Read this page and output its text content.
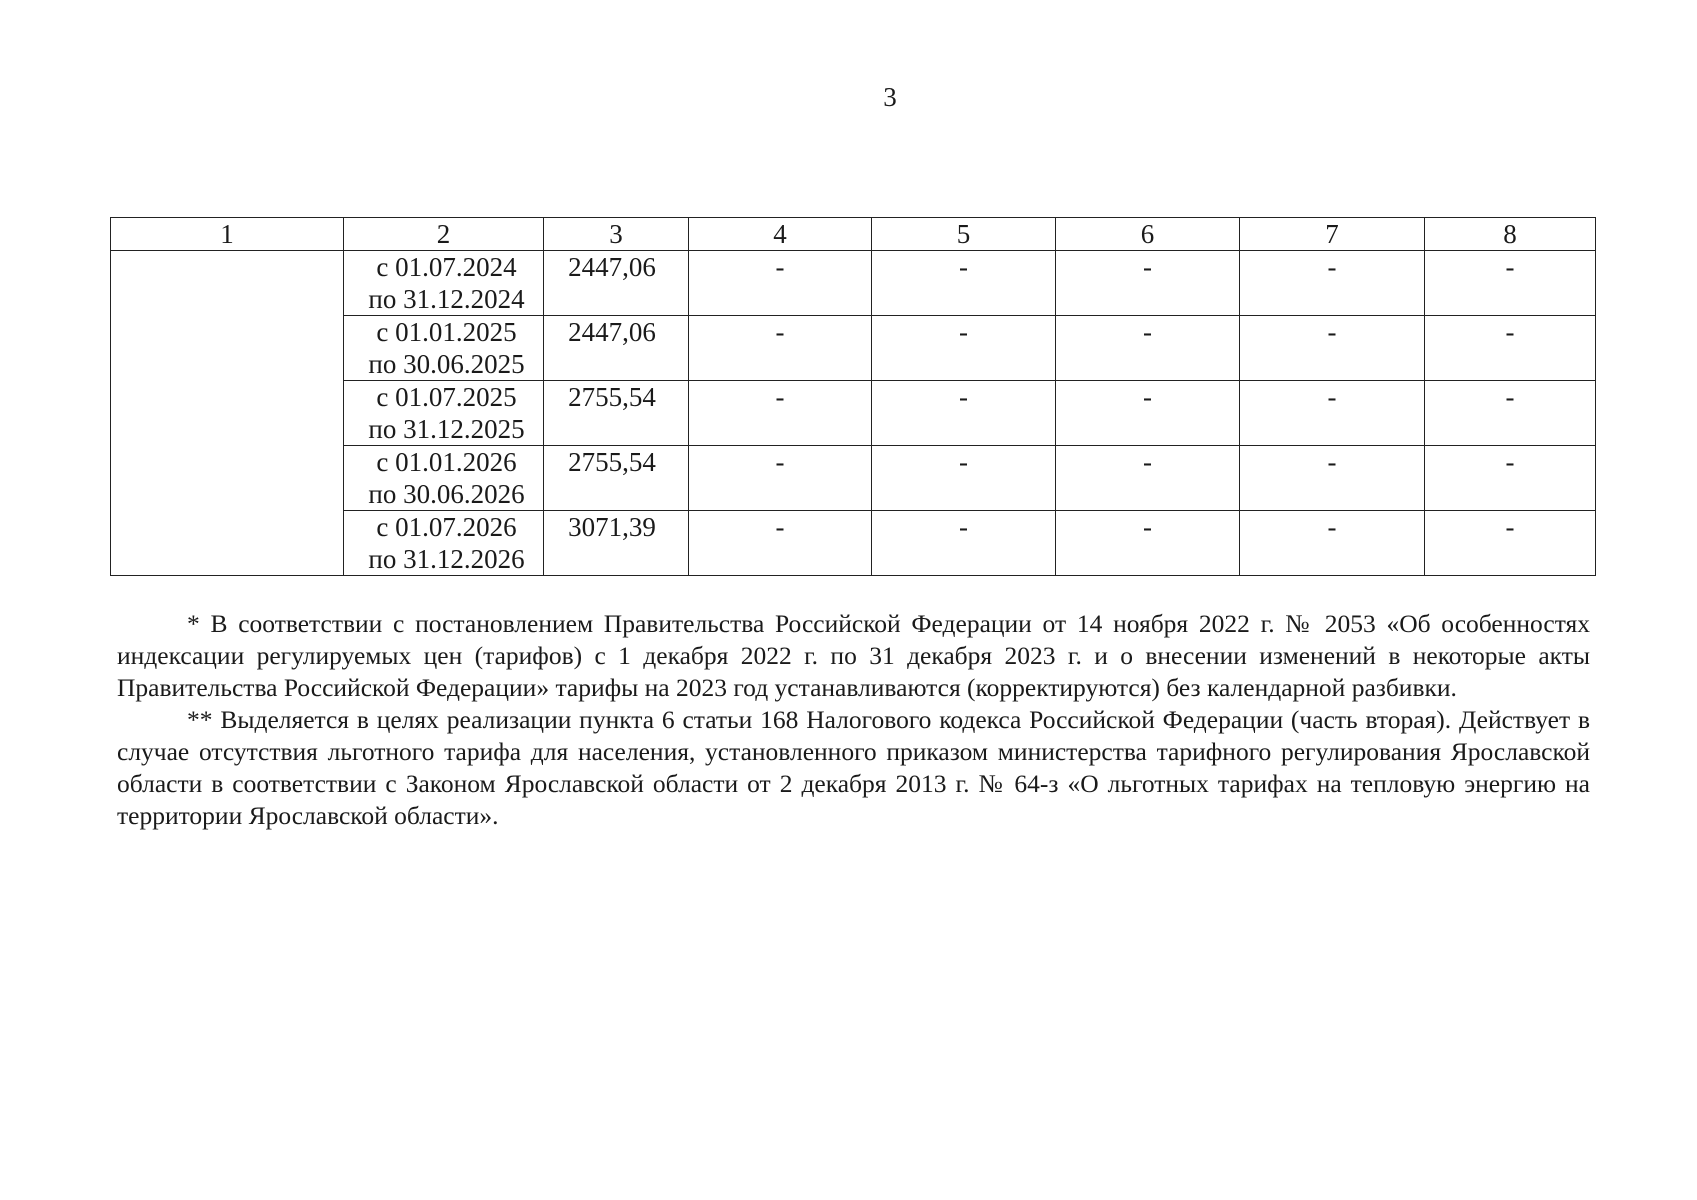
3
1	2	3	4	5	6	7	8

	с 01.07.2024
по 31.12.2024	2447,06	-	-	-	-	-

	с 01.01.2025
по 30.06.2025	2447,06	-	-	-	-	-

	с 01.07.2025
по 31.12.2025	2755,54	-	-	-	-	-

	с 01.01.2026
по 30.06.2026	2755,54	-	-	-	-	-

	с 01.07.2026
по 31.12.2026	3071,39	-	-	-	-	-

* В соответствии с постановлением Правительства Российской Федерации от 14 ноября 2022 г. № 2053 «Об особенностях индексации регулируемых цен (тарифов) с 1 декабря 2022 г. по 31 декабря 2023 г. и о внесении изменений в некоторые акты Правительства Российской Федерации» тарифы на 2023 год устанавливаются (корректируются) без календарной разбивки.

** Выделяется в целях реализации пункта 6 статьи 168 Налогового кодекса Российской Федерации (часть вторая). Действует в случае отсутствия льготного тарифа для населения, установленного приказом министерства тарифного регулирования Ярославской области в соответствии с Законом Ярославской области от 2 декабря 2013 г. № 64-з «О льготных тарифах на тепловую энергию на территории Ярославской области».
